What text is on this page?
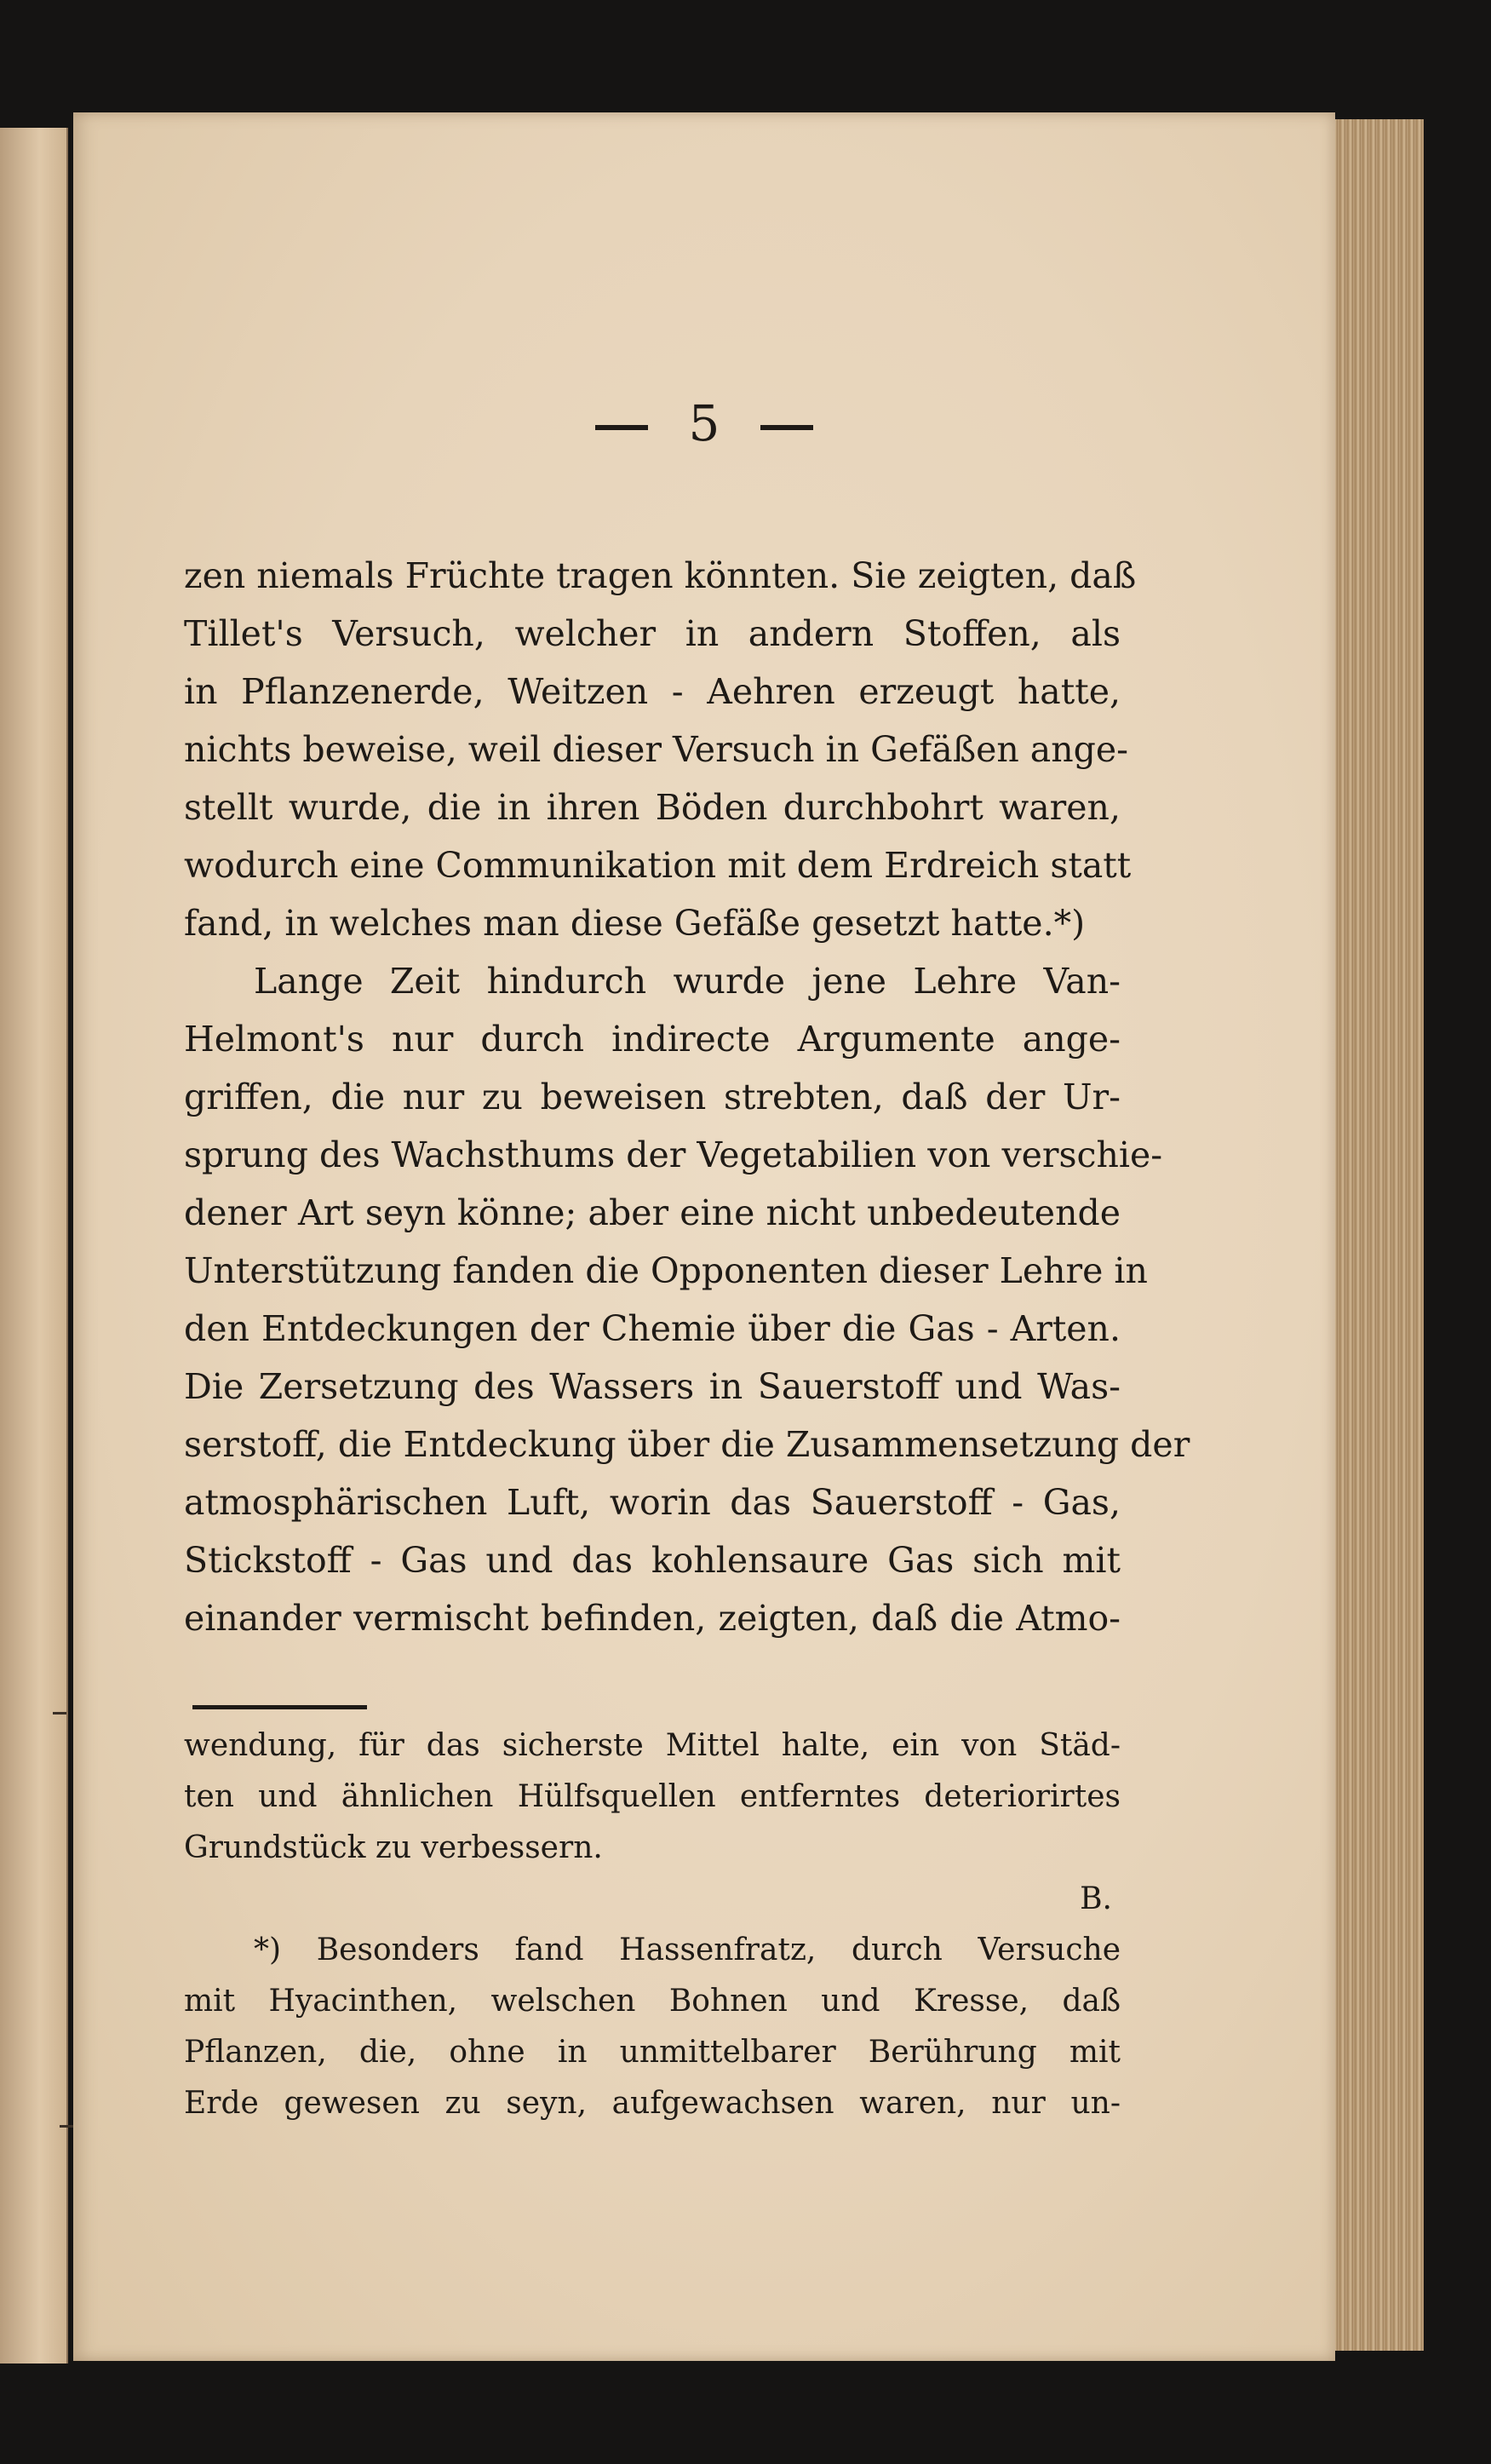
5
zen niemals Früchte tragen könnten. Sie zeigten, daß
Tillet's Versuch, welcher in andern Stoffen, als
in Pflanzenerde, Weitzen - Aehren erzeugt hatte,
nichts beweise, weil dieser Versuch in Gefäßen ange-
stellt wurde, die in ihren Böden durchbohrt waren,
wodurch eine Communikation mit dem Erdreich statt
fand, in welches man diese Gefäße gesetzt hatte.*)
Lange Zeit hindurch wurde jene Lehre Van-
Helmont's nur durch indirecte Argumente ange-
griffen, die nur zu beweisen strebten, daß der Ur-
sprung des Wachsthums der Vegetabilien von verschie-
dener Art seyn könne; aber eine nicht unbedeutende
Unterstützung fanden die Opponenten dieser Lehre in
den Entdeckungen der Chemie über die Gas - Arten.
Die Zersetzung des Wassers in Sauerstoff und Was-
serstoff, die Entdeckung über die Zusammensetzung der
atmosphärischen Luft, worin das Sauerstoff - Gas,
Stickstoff - Gas und das kohlensaure Gas sich mit
einander vermischt befinden, zeigten, daß die Atmo-
wendung, für das sicherste Mittel halte, ein von Städ-
ten und ähnlichen Hülfsquellen entferntes deteriorirtes
Grundstück zu verbessern.
B.
*) Besonders fand Hassenfratz, durch Versuche
mit Hyacinthen, welschen Bohnen und Kresse, daß
Pflanzen, die, ohne in unmittelbarer Berührung mit
Erde gewesen zu seyn, aufgewachsen waren, nur un-
